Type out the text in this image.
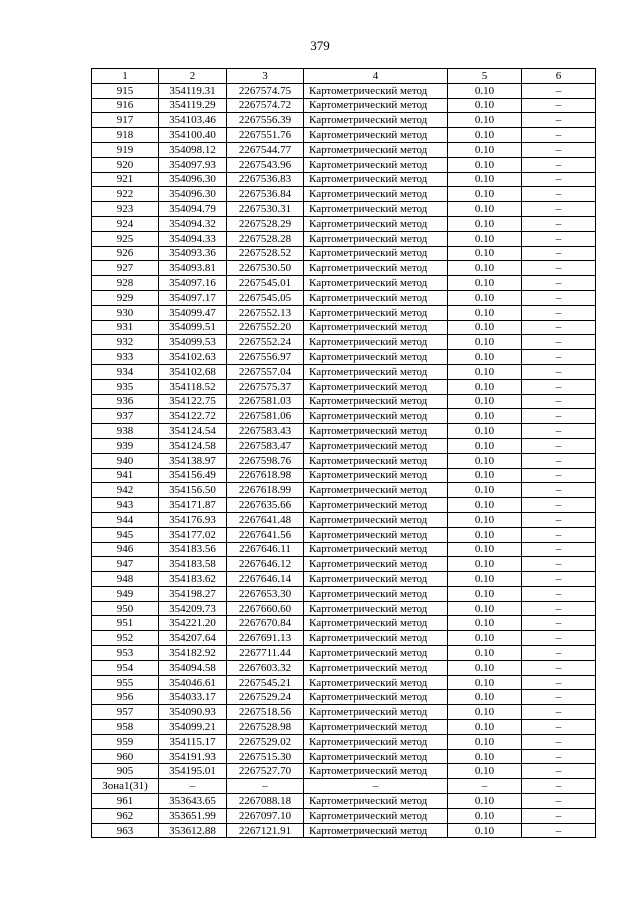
379
1	2	3	4	5	6
915	354119.31	2267574.75	Картометрический метод	0.10	–
916	354119.29	2267574.72	Картометрический метод	0.10	–
917	354103.46	2267556.39	Картометрический метод	0.10	–
918	354100.40	2267551.76	Картометрический метод	0.10	–
919	354098.12	2267544.77	Картометрический метод	0.10	–
920	354097.93	2267543.96	Картометрический метод	0.10	–
921	354096.30	2267536.83	Картометрический метод	0.10	–
922	354096.30	2267536.84	Картометрический метод	0.10	–
923	354094.79	2267530.31	Картометрический метод	0.10	–
924	354094.32	2267528.29	Картометрический метод	0.10	–
925	354094.33	2267528.28	Картометрический метод	0.10	–
926	354093.36	2267528.52	Картометрический метод	0.10	–
927	354093.81	2267530.50	Картометрический метод	0.10	–
928	354097.16	2267545.01	Картометрический метод	0.10	–
929	354097.17	2267545.05	Картометрический метод	0.10	–
930	354099.47	2267552.13	Картометрический метод	0.10	–
931	354099.51	2267552.20	Картометрический метод	0.10	–
932	354099.53	2267552.24	Картометрический метод	0.10	–
933	354102.63	2267556.97	Картометрический метод	0.10	–
934	354102.68	2267557.04	Картометрический метод	0.10	–
935	354118.52	2267575.37	Картометрический метод	0.10	–
936	354122.75	2267581.03	Картометрический метод	0.10	–
937	354122.72	2267581.06	Картометрический метод	0.10	–
938	354124.54	2267583.43	Картометрический метод	0.10	–
939	354124.58	2267583.47	Картометрический метод	0.10	–
940	354138.97	2267598.76	Картометрический метод	0.10	–
941	354156.49	2267618.98	Картометрический метод	0.10	–
942	354156.50	2267618.99	Картометрический метод	0.10	–
943	354171.87	2267635.66	Картометрический метод	0.10	–
944	354176.93	2267641.48	Картометрический метод	0.10	–
945	354177.02	2267641.56	Картометрический метод	0.10	–
946	354183.56	2267646.11	Картометрический метод	0.10	–
947	354183.58	2267646.12	Картометрический метод	0.10	–
948	354183.62	2267646.14	Картометрический метод	0.10	–
949	354198.27	2267653.30	Картометрический метод	0.10	–
950	354209.73	2267660.60	Картометрический метод	0.10	–
951	354221.20	2267670.84	Картометрический метод	0.10	–
952	354207.64	2267691.13	Картометрический метод	0.10	–
953	354182.92	2267711.44	Картометрический метод	0.10	–
954	354094.58	2267603.32	Картометрический метод	0.10	–
955	354046.61	2267545.21	Картометрический метод	0.10	–
956	354033.17	2267529.24	Картометрический метод	0.10	–
957	354090.93	2267518.56	Картометрический метод	0.10	–
958	354099.21	2267528.98	Картометрический метод	0.10	–
959	354115.17	2267529.02	Картометрический метод	0.10	–
960	354191.93	2267515.30	Картометрический метод	0.10	–
905	354195.01	2267527.70	Картометрический метод	0.10	–
Зона1(31)	–	–	–	–	–
961	353643.65	2267088.18	Картометрический метод	0.10	–
962	353651.99	2267097.10	Картометрический метод	0.10	–
963	353612.88	2267121.91	Картометрический метод	0.10	–
